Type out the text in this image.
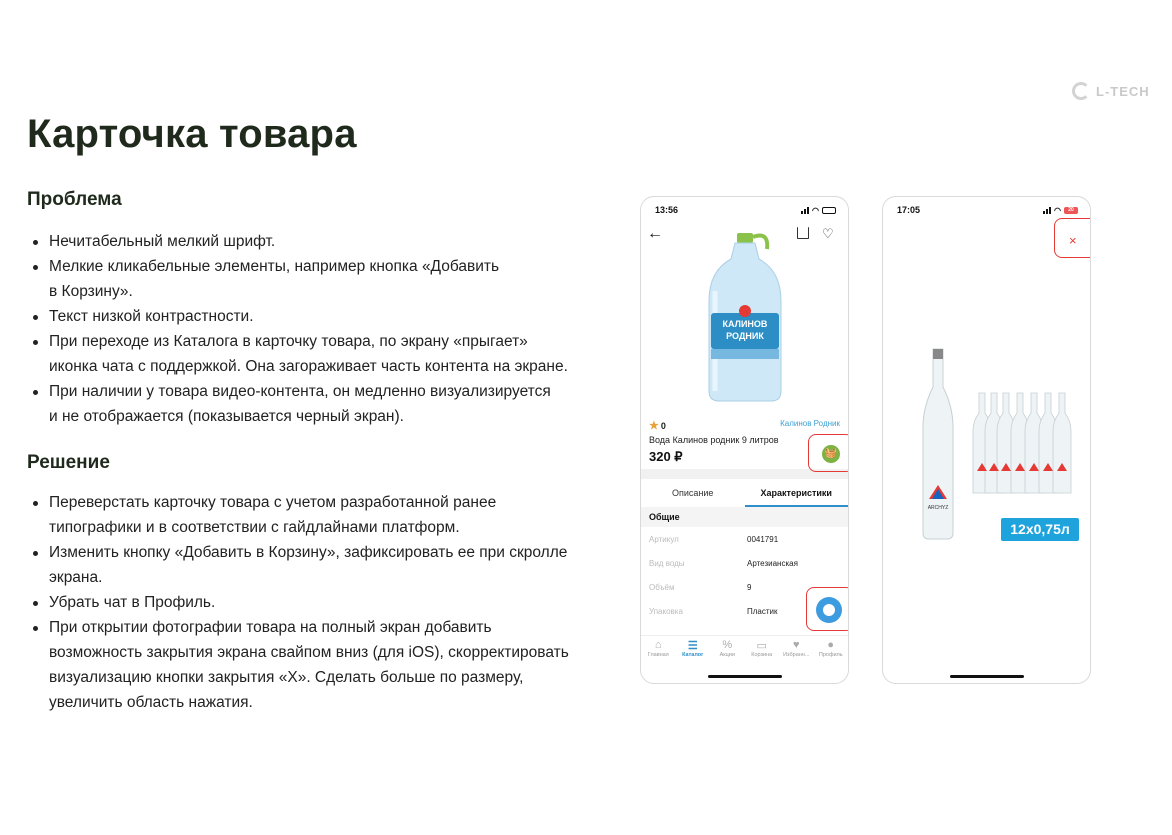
L-TECH
Карточка товара
Проблема
Нечитабельный мелкий шрифт.
Мелкие кликабельные элементы, например кнопка «Добавить
в Корзину».
Текст низкой контрастности.
При переходе из Каталога в карточку товара, по экрану «прыгает»
иконка чата с поддержкой. Она загораживает часть контента на экране.
При наличии у товара видео-контента, он медленно визуализируется
и не отображается (показывается черный экран).
Решение
Переверстать карточку товара с учетом разработанной ранее
типографики и в соответствии с гайдлайнами платформ.
Изменить кнопку «Добавить в Корзину», зафиксировать ее при скролле
экрана.
Убрать чат в Профиль.
При открытии фотографии товара на полный экран добавить
возможность закрытия экрана свайпом вниз (для iOS), скорректировать
визуализацию кнопки закрытия «X». Сделать больше по размеру,
увеличить область нажатия.
13:56	◠
←	♡
КАЛИНОВ
РОДНИК
★ 0	Калинов Родник
Вода Калинов родник 9 литров
320 ₽	🧺
Описание	Характеристики
Общие
Артикул	0041791
Вид воды	Артезианская
Объём	9
Упаковка	Пластик
⌂
Главная
☰
Каталог
%
Акции
▭
Корзина
♥
Избранн...
●
Профиль
17:05	◠	20
×
ARCHYZ
12x0,75л
